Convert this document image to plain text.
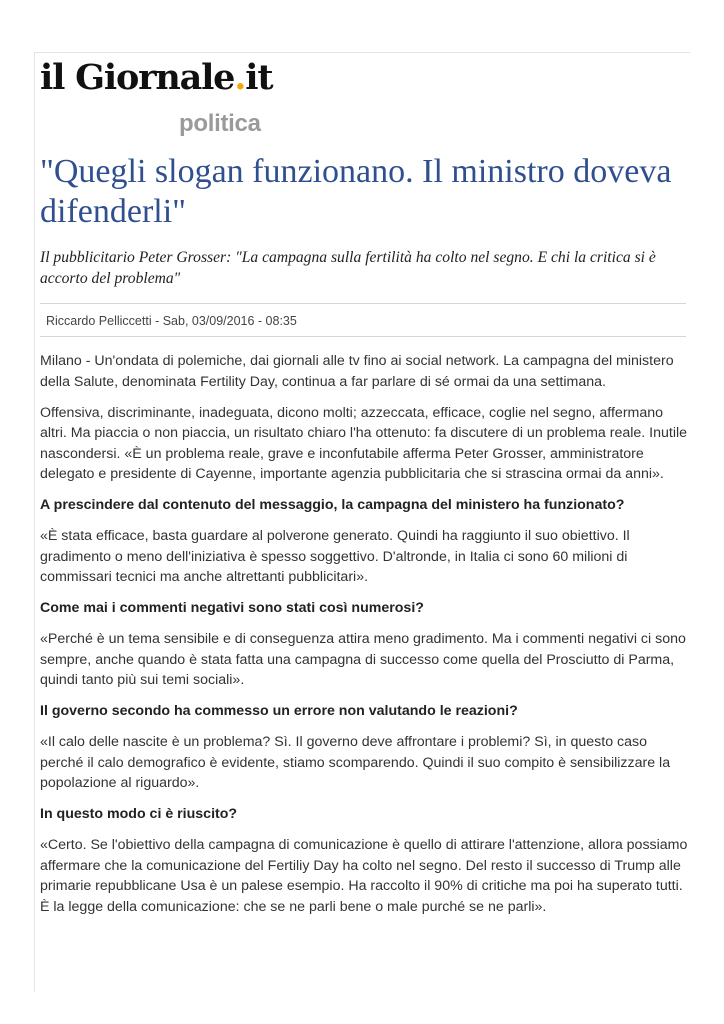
il Giornale.it
politica
"Quegli slogan funzionano. Il ministro doveva difenderli"

Il pubblicitario Peter Grosser: "La campagna sulla fertilità ha colto nel segno. E chi la critica si è accorto del problema"

Riccardo Pelliccetti - Sab, 03/09/2016 - 08:35

Milano - Un'ondata di polemiche, dai giornali alle tv fino ai social network. La campagna del ministero della Salute, denominata Fertility Day, continua a far parlare di sé ormai da una settimana.

Offensiva, discriminante, inadeguata, dicono molti; azzeccata, efficace, coglie nel segno, affermano altri. Ma piaccia o non piaccia, un risultato chiaro l'ha ottenuto: fa discutere di un problema reale. Inutile nascondersi. «È un problema reale, grave e inconfutabile afferma Peter Grosser, amministratore delegato e presidente di Cayenne, importante agenzia pubblicitaria che si strascina ormai da anni».

A prescindere dal contenuto del messaggio, la campagna del ministero ha funzionato?

«È stata efficace, basta guardare al polverone generato. Quindi ha raggiunto il suo obiettivo. Il gradimento o meno dell'iniziativa è spesso soggettivo. D'altronde, in Italia ci sono 60 milioni di commissari tecnici ma anche altrettanti pubblicitari».

Come mai i commenti negativi sono stati così numerosi?

«Perché è un tema sensibile e di conseguenza attira meno gradimento. Ma i commenti negativi ci sono sempre, anche quando è stata fatta una campagna di successo come quella del Prosciutto di Parma, quindi tanto più sui temi sociali».

Il governo secondo ha commesso un errore non valutando le reazioni?

«Il calo delle nascite è un problema? Sì. Il governo deve affrontare i problemi? Sì, in questo caso perché il calo demografico è evidente, stiamo scomparendo. Quindi il suo compito è sensibilizzare la popolazione al riguardo».

In questo modo ci è riuscito?

«Certo. Se l'obiettivo della campagna di comunicazione è quello di attirare l'attenzione, allora possiamo affermare che la comunicazione del Fertiliy Day ha colto nel segno. Del resto il successo di Trump alle primarie repubblicane Usa è un palese esempio. Ha raccolto il 90% di critiche ma poi ha superato tutti. È la legge della comunicazione: che se ne parli bene o male purché se ne parli».
